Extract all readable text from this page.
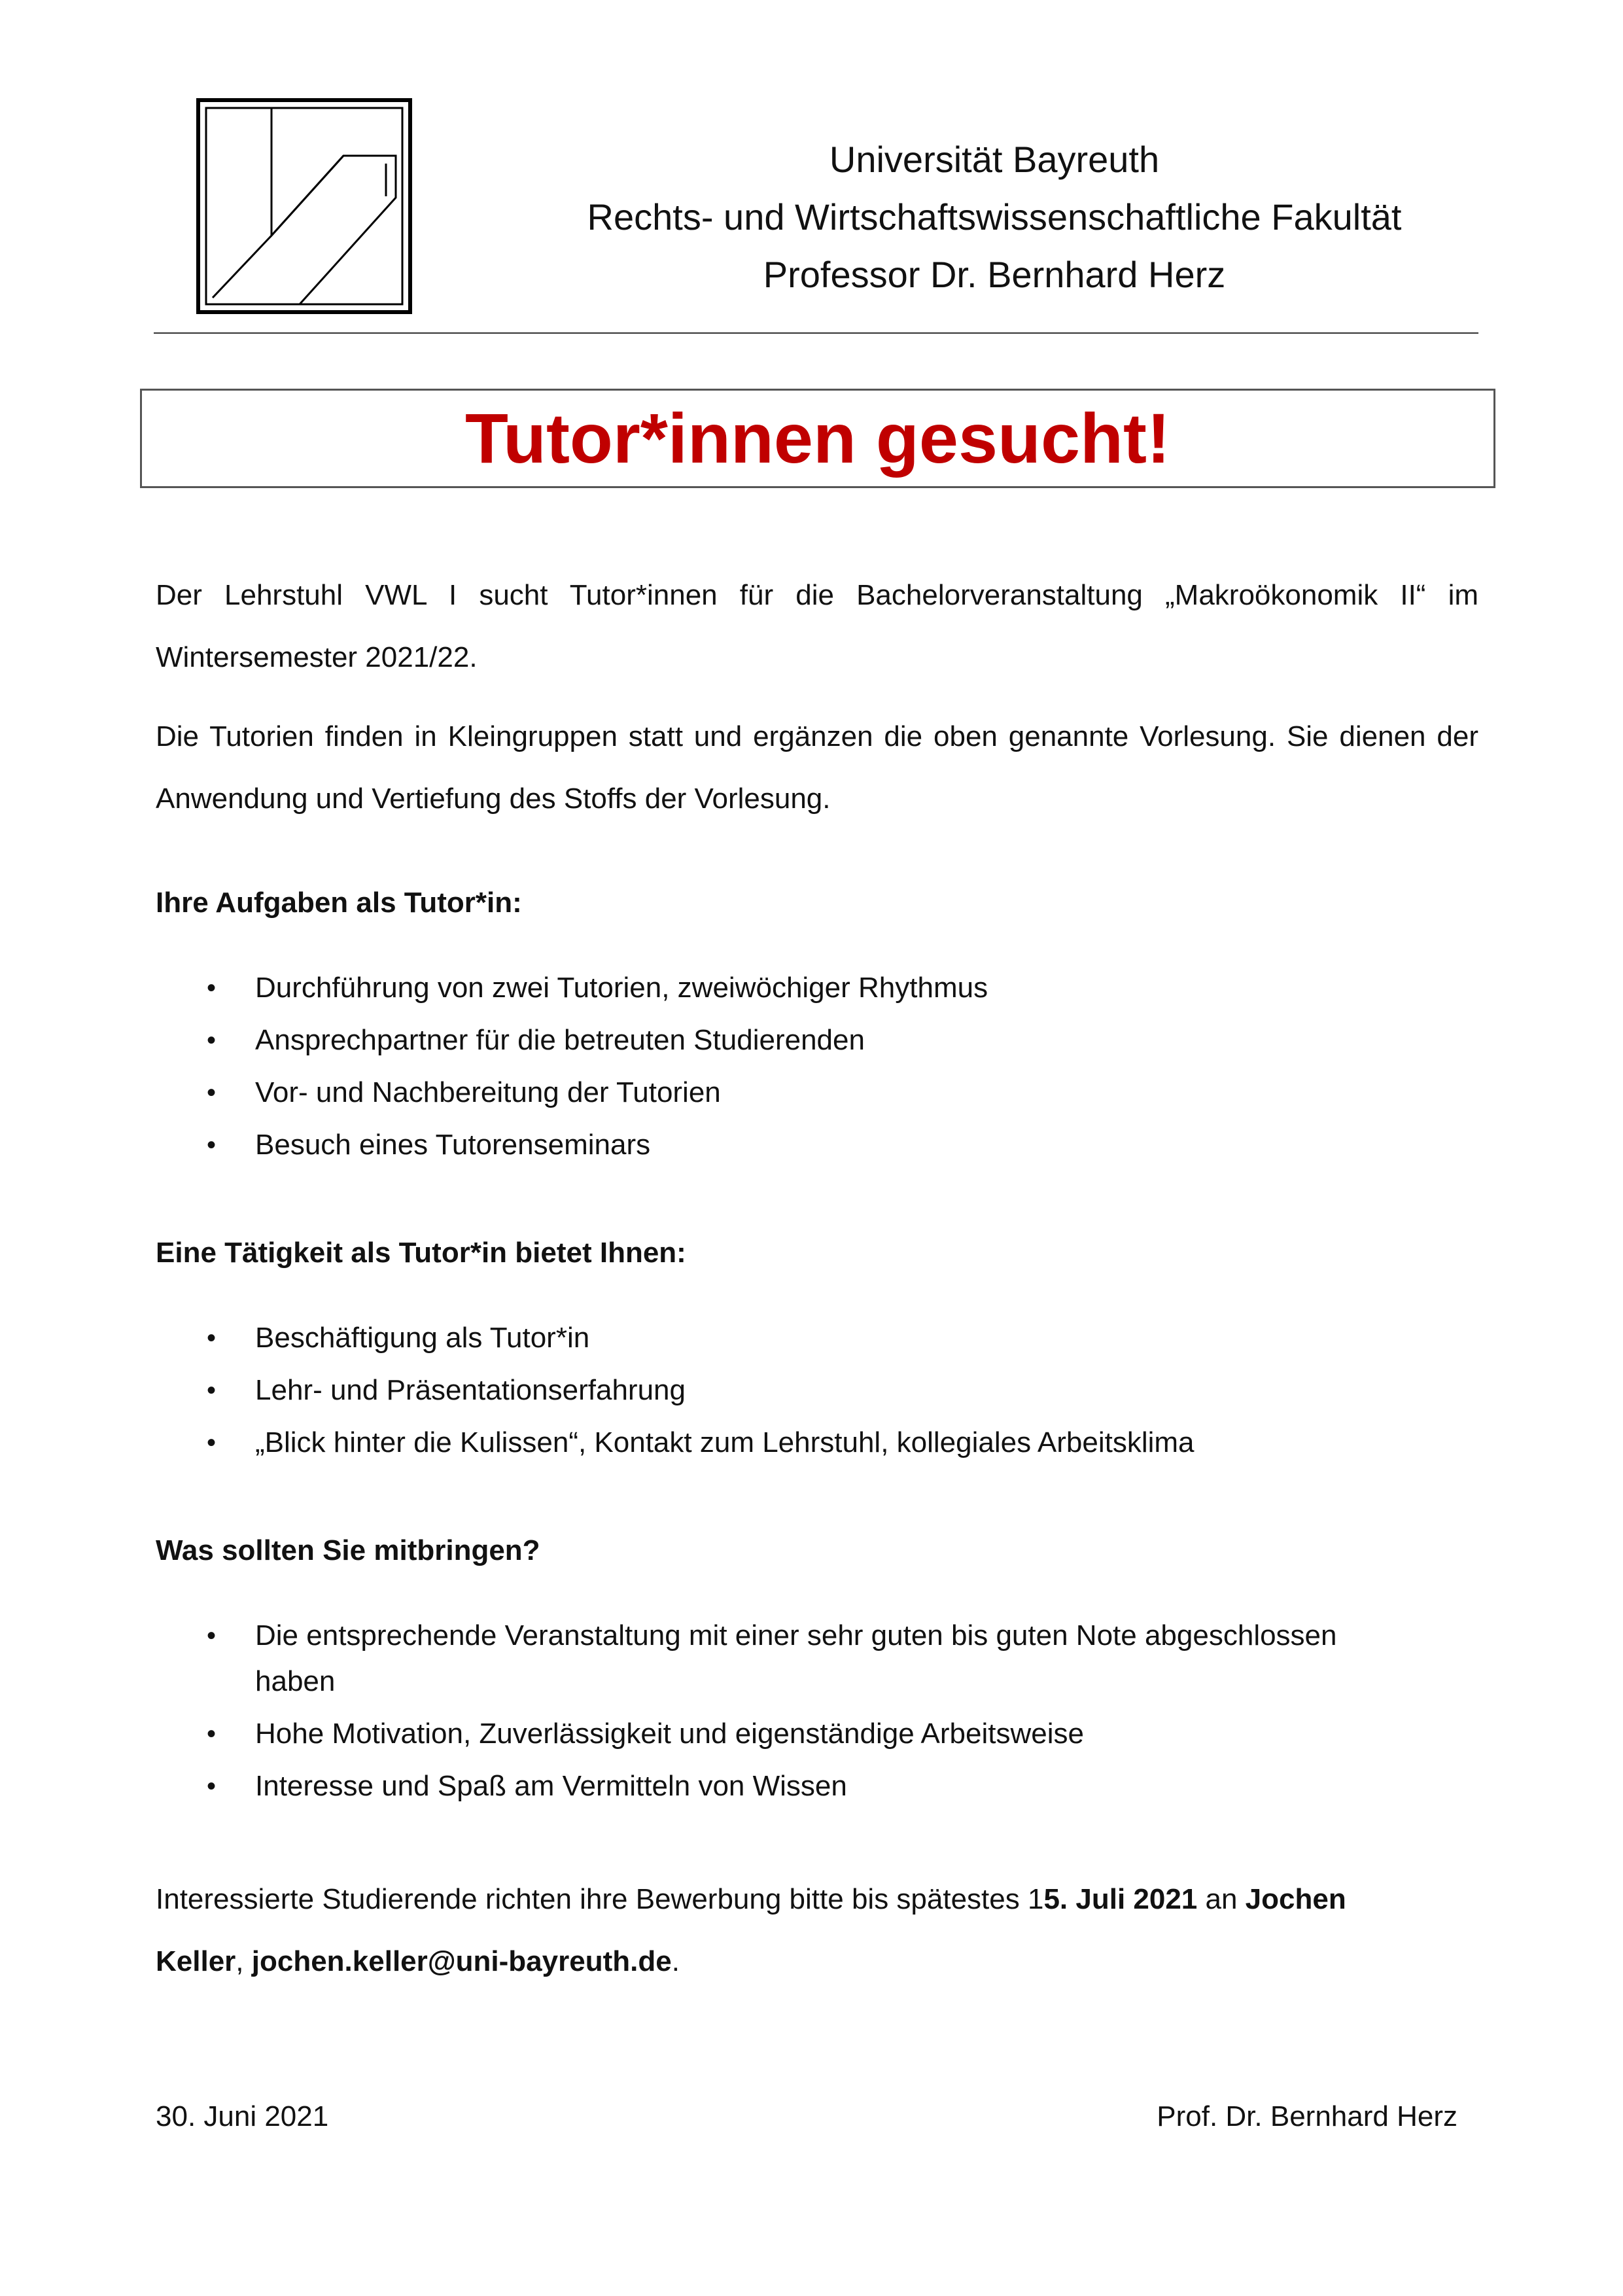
Universität Bayreuth
Rechts- und Wirtschaftswissenschaftliche Fakultät
Professor Dr. Bernhard Herz
Tutor*innen gesucht!
Der Lehrstuhl VWL I sucht Tutor*innen für die Bachelorveranstaltung „Makroökonomik II“ im Wintersemester 2021/22.
Die Tutorien finden in Kleingruppen statt und ergänzen die oben genannte Vorlesung. Sie dienen der Anwendung und Vertiefung des Stoffs der Vorlesung.
Ihre Aufgaben als Tutor*in:
• Durchführung von zwei Tutorien, zweiwöchiger Rhythmus
• Ansprechpartner für die betreuten Studierenden
• Vor- und Nachbereitung der Tutorien
• Besuch eines Tutorenseminars
Eine Tätigkeit als Tutor*in bietet Ihnen:
• Beschäftigung als Tutor*in
• Lehr- und Präsentationserfahrung
• „Blick hinter die Kulissen“, Kontakt zum Lehrstuhl, kollegiales Arbeitsklima
Was sollten Sie mitbringen?
• Die entsprechende Veranstaltung mit einer sehr guten bis guten Note abgeschlossen haben
• Hohe Motivation, Zuverlässigkeit und eigenständige Arbeitsweise
• Interesse und Spaß am Vermitteln von Wissen
Interessierte Studierende richten ihre Bewerbung bitte bis spätestes 15. Juli 2021 an Jochen Keller, jochen.keller@uni-bayreuth.de.
30. Juni 2021	Prof. Dr. Bernhard Herz
